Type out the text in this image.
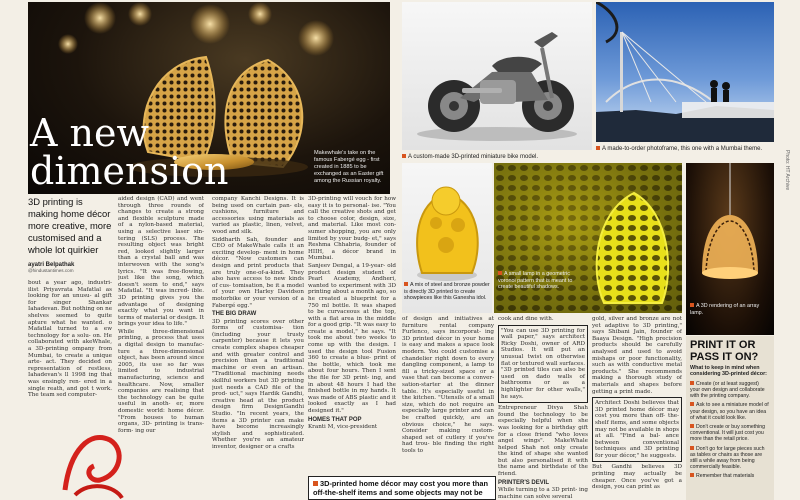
A new
dimension	Makewhale's take on the famous Fabergé egg - first created in 1885 to be exchanged as an Easter gift among the Russian royalty.
A custom-made 3D-printed miniature bike model.
A made-to-order photoframe, this one with a Mumbai theme.
A mix of steel and bronze powder is directly 3D printed to create showpieces like this Ganesha idol.
A small lamp in a geometric voronoi pattern that is meant to create beautiful shadows.
A 3D rendering of an array lamp.
3D printing is
making home décor
more creative, more
customised and a
whole lot quirkier
ayatri Belpathak
@hindustantimes.com

bout a year ago, industri- ilist Priyavrata Mafatlal as looking for an unusu- al gift for singer Shankar Iahadevan. But nothing on ne shelves seemed to quite apture what he wanted. o Mafatlal turned to a ew technology for a solu- on. He collaborated with akeWhale, a 3D-printing ompany from Mumbai, to create a unique arte- act. They decided on representation of restless, Iahadevan's ll 1998 ing that was ensingly ren- ered in a single reath, and got t work. The team sed computer-

aided design (CAD) and went through three rounds of changes to create a strong and flexible sculpture made of a nylon-based material, using a selective laser sin- tering (SLS) process. The resulting object was bright red, looked slightly larger than a crystal ball and was interwoven with the song's lyrics. "It was free-flowing, just like the song, which doesn't seem to end," says Mafatlal. "It was incred- ible. 3D printing gives you the advantage of designing exactly what you want in terms of material or design. It brings your idea to life."

While three-dimensional printing, a process that uses a digital design to manufac- ture a three-dimensional object, has been around since 2005, its use so far was limited to industrial manufacturing, science and healthcare. Now, smaller companies are realising that the technology can be quite useful in anoth- er, more domestic world: home décor. "From houses to human organs, 3D- printing is trans- form- ing our

company Kanchi Designs. It is being used on curtain pan- els, cushions, furniture and accessories using materials as varied as plastic, linen, velvet, wood and silk.

Siddharth Sah, founder and CEO of MakeWhale calls it an exciting develop- ment in home décor. "Now customers can design and print products that are truly one-of-a-kind. They also have access to new kinds of cus- tomisation, be it a model of your own Harley Davidson motorbike or your version of a Fabergé egg."

THE BIG DRAW

3D printing scores over other forms of customisa- tion (including your trusty carpenter) because it lets you create complex shapes cheaper and with greater control and precision than a traditional machine or even an artisan. "Traditional machining needs skillful workers but 3D printing just needs a CAD file of the prod- uct," says Hardik Gandhi, creative head at the product design firm DesignGandhi Studio. "In recent years, the items a 3D printer can make have become increasingly stylish and sophisticated. Whether you're an amateur inventor, designer or a crafts

3D-printing will vouch for how easy it is to personal- ise. "You call the creative shots and get to choose color, design, size, and material. Like most con- sumer shopping, you are only limited by your budg- et," says Reshma Chhabria, founder of HIIH, a décor brand in Mumbai.

Sanjeev Dengal, a 19-year- old product design student of Pearl Academy, Andheri, wanted to experiment with 3D printing about a month ago, so he created a blueprint for a 750 ml bottle. It was shaped to be curvaceous at the top, with a flat area in the middle for a good grip. "It was easy to create a model," he says. "It took me about two weeks to come up with the design. I used the design tool Fusion 360 to create a blue- print of the bottle, which took me about four hours. Then I sent the file for 3D print- ing, and in about 48 hours I had the finished bottle in my hands. It was made of ABS plastic and it looked exactly as I had designed it."

HOMES THAT POP

Kranti M, vice-president

of design and initiatives at furniture rental company Furlenco, says incorporat- ing 3D printed décor in your home is easy and makes a space look modern. You could customise a chandelier right down to every dangling component, a lamp to fill a tricky-sized space or a vase that can become a conver- sation-starter at the dinner table. It's especially useful in the kitchen. "Utensils of a small size, which do not require an especially large printer and can be crafted quickly, are an obvious choice," he says. Consider making custom-shaped set of cutlery if you've had trou- ble finding the right tools to

cook and dine with.

"You can use 3D printing for wall paper," says architect Ricky Doshi, owner of ARD Studios. It will put an unusual twist on otherwise flat or textured wall surfaces. "3D printed tiles can also be used on dado walls of bathrooms or as a highlighter for other walls," he says.

Entrepreneur Divya Shah found the technology to be especially helpful when she was looking for a birthday gift for a close friend "who loves angel wings". MakeWhale helped Shah not only create the kind of shape she wanted but also personalised it with the name and birthdate of the friend.

PRINTER'S DEVIL

While turning to a 3D print- ing machine can solve several

gold, silver and bronze are not yet adaptive to 3D printing," says Shibani Jain, founder of Baaya Design. "High precision products should be carefully analysed and used to avoid mishaps or poor functionality, such as with conductive metal products." She recommends making a thorough study of materials and shapes before getting a print made.

Architect Doshi believes that 3D printed home décor may cost you more than off- the-shelf items, and some objects may not be available in shops at all. "Find a bal- ance between conventional techniques and 3D printing for your décor," he suggests.

But Gandhi believes 3D printing may actually be cheaper. Once you've got a design, you can print as

3D-printed home décor may cost you more than off-the-shelf items and some objects may not be
PRINT IT OR PASS IT ON?
What to keep in mind when considering 3D-printed décor:
Create (or at least suggest) your own design and collaborate with the printing company.
Ask to see a miniature model of your design, so you have an idea of what it could look like.
Don't create or buy something conventional. It will just cost you more than the retail price.
Don't go for large pieces such as tables or chairs as those are still a while away from being commercially feasible.
Remember that materials
Photo: HT Archive
